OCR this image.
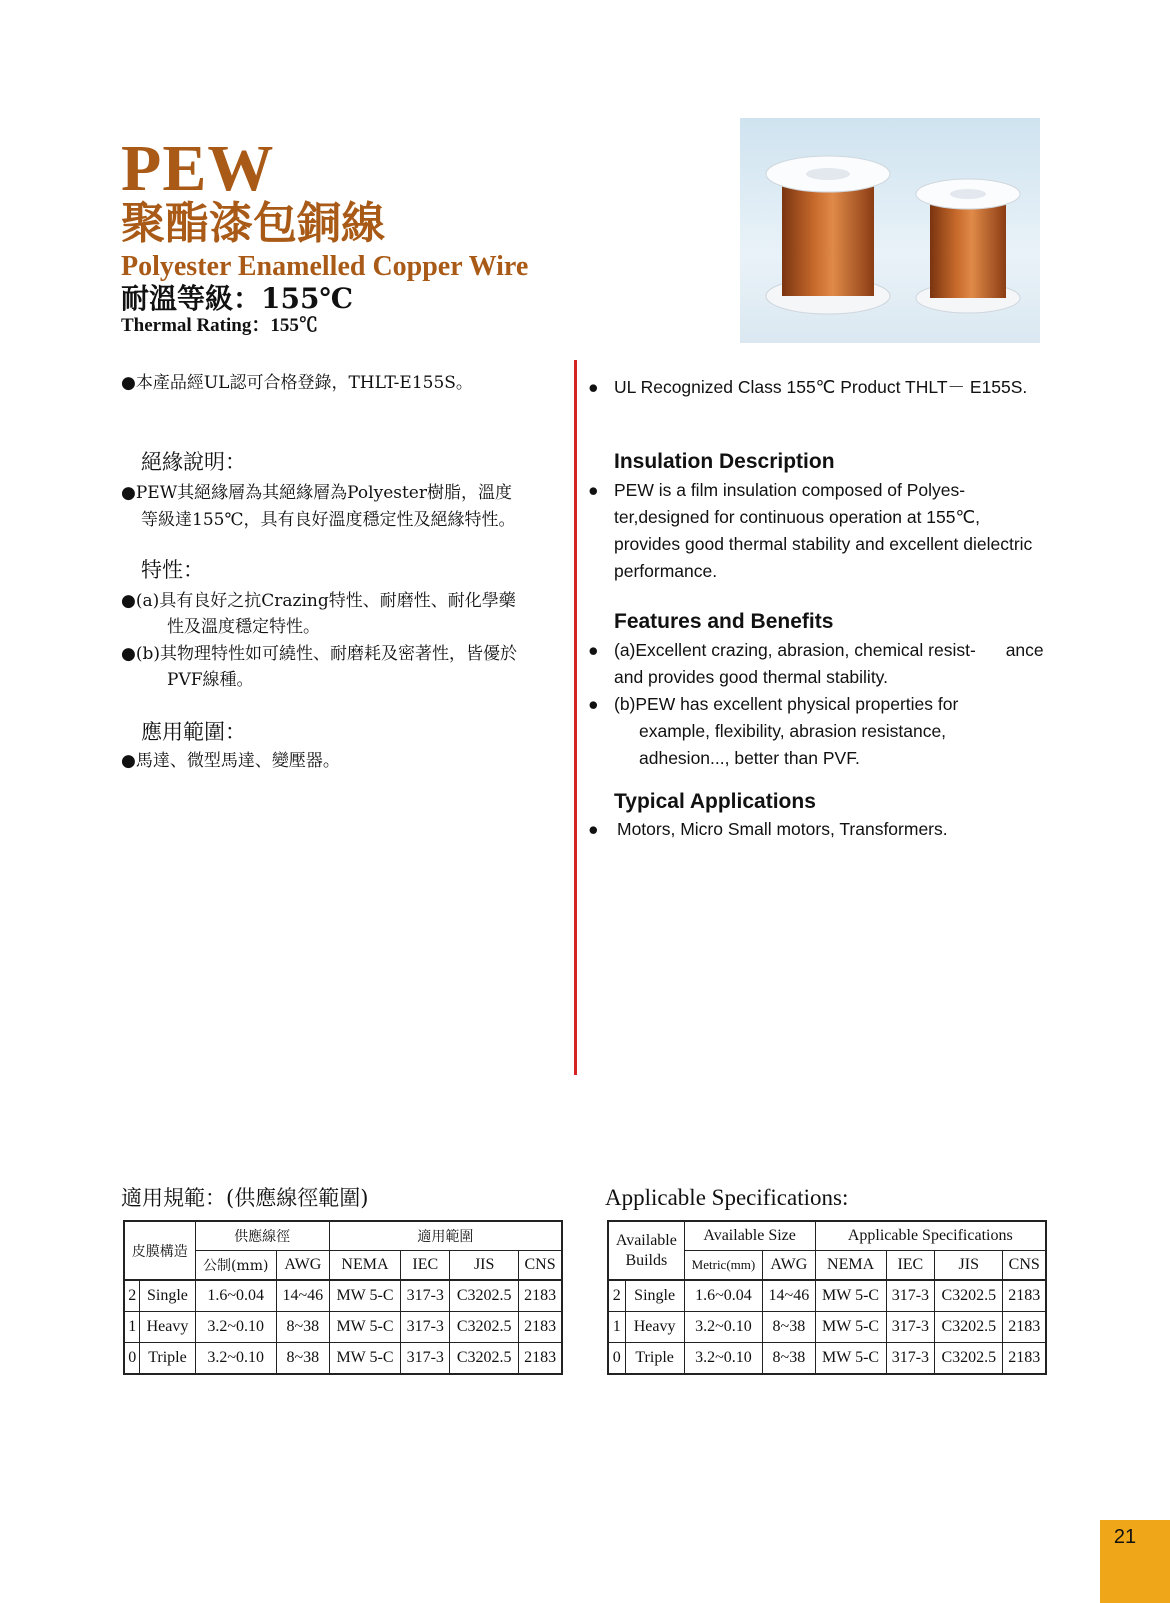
PEW
聚酯漆包銅線
Polyester Enamelled Copper Wire
耐溫等級：155℃
Thermal Rating：155℃
●本產品經UL認可合格登錄，THLT-E155S。
絕緣說明：
●PEW其絕緣層為其絕緣層為Polyester樹脂，溫度
等級達155℃，具有良好溫度穩定性及絕緣特性。
特性：
●(a)具有良好之抗Crazing特性、耐磨性、耐化學藥
性及溫度穩定特性。
●(b)其物理特性如可繞性、耐磨耗及密著性，皆優於
PVF線種。
應用範圍：
●馬達、微型馬達、變壓器。
● UL Recognized Class 155℃ Product THLT－ E155S.
Insulation Description
● PEW is a film insulation composed of Polyes- ter,designed for continuous operation at 155℃, provides good thermal stability and excellent dielectric performance.
Features and Benefits
● (a)Excellent crazing, abrasion, chemical resist- ance and provides good thermal stability.
● (b)PEW has excellent physical properties for example, flexibility, abrasion resistance, adhesion..., better than PVF.
Typical Applications
● Motors, Micro Small motors, Transformers.
適用規範：(供應線徑範圍)
皮膜構造		供應線徑		適用範圍			
		公制(mm)	AWG	NEMA	IEC	JIS	CNS
2	Single	1.6~0.04	14~46	MW 5-C	317-3	C3202.5	2183
1	Heavy	3.2~0.10	8~38	MW 5-C	317-3	C3202.5	2183
0	Triple	3.2~0.10	8~38	MW 5-C	317-3	C3202.5	2183
Applicable Specifications:
Available
Builds		Available Size		Applicable Specifications			
		Metric(mm)	AWG	NEMA	IEC	JIS	CNS
2	Single	1.6~0.04	14~46	MW 5-C	317-3	C3202.5	2183
1	Heavy	3.2~0.10	8~38	MW 5-C	317-3	C3202.5	2183
0	Triple	3.2~0.10	8~38	MW 5-C	317-3	C3202.5	2183
21
